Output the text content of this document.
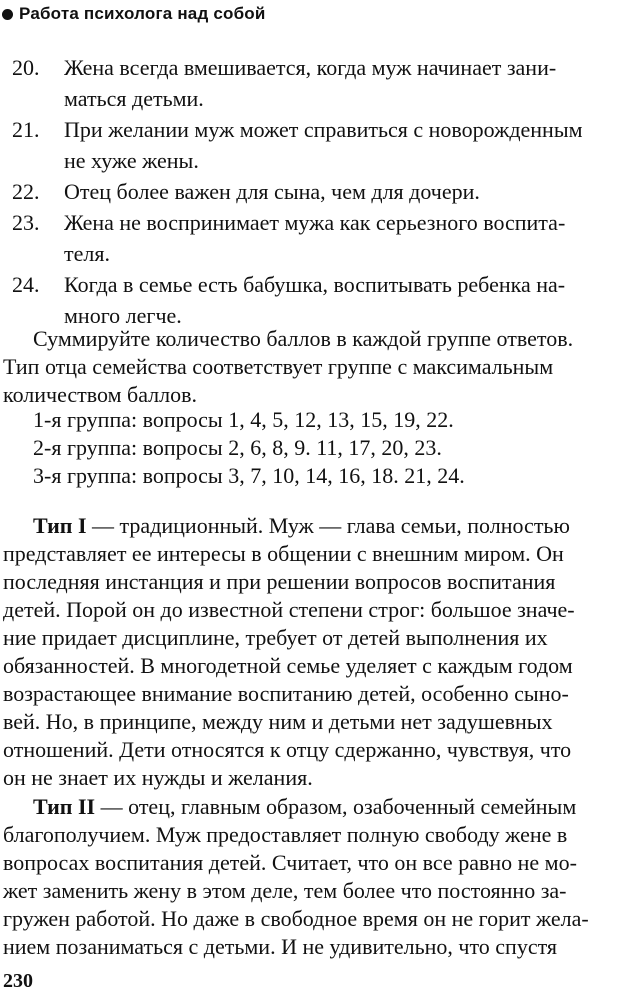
Работа психолога над собой
20.	Жена всегда вмешивается, когда муж начинает зани-
маться детьми.
21.	При желании муж может справиться с новорожденным
не хуже жены.
22.	Отец более важен для сына, чем для дочери.
23.	Жена не воспринимает мужа как серьезного воспита-
теля.
24.	Когда в семье есть бабушка, воспитывать ребенка на-
много легче.
Суммируйте количество баллов в каждой группе ответов.
Тип отца семейства соответствует группе с максимальным
количеством баллов.
1-я группа: вопросы 1, 4, 5, 12, 13, 15, 19, 22.
2-я группа: вопросы 2, 6, 8, 9. 11, 17, 20, 23.
3-я группа: вопросы 3, 7, 10, 14, 16, 18. 21, 24.
Тип I — традиционный. Муж — глава семьи, полностью
представляет ее интересы в общении с внешним миром. Он
последняя инстанция и при решении вопросов воспитания
детей. Порой он до известной степени строг: большое значе-
ние придает дисциплине, требует от детей выполнения их
обязанностей. В многодетной семье уделяет с каждым годом
возрастающее внимание воспитанию детей, особенно сыно-
вей. Но, в принципе, между ним и детьми нет задушевных
отношений. Дети относятся к отцу сдержанно, чувствуя, что
он не знает их нужды и желания.
Тип II — отец, главным образом, озабоченный семейным
благополучием. Муж предоставляет полную свободу жене в
вопросах воспитания детей. Считает, что он все равно не мо-
жет заменить жену в этом деле, тем более что постоянно за-
гружен работой. Но даже в свободное время он не горит жела-
нием позаниматься с детьми. И не удивительно, что спустя
230
